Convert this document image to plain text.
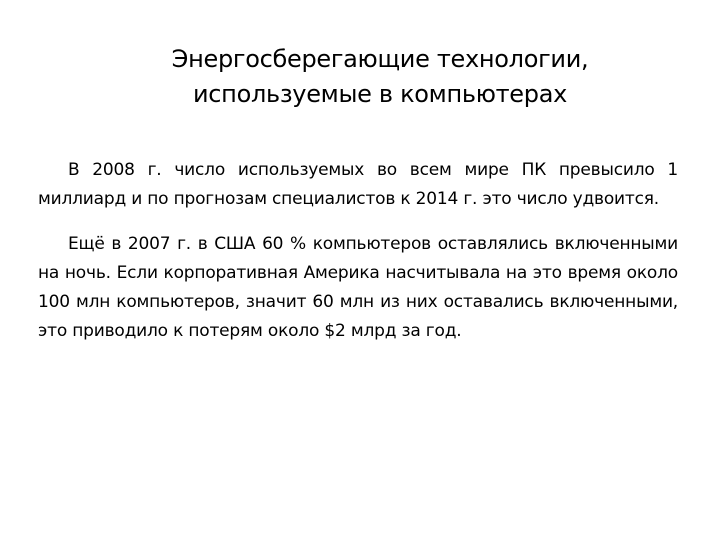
Энергосберегающие технологии,
используемые в компьютерах

В 2008 г. число используемых во всем мире ПК превысило 1 миллиард и по прогнозам специалистов к 2014 г. это число удвоится.

Ещё в 2007 г. в США 60 % компьютеров оставлялись включенными на ночь. Если корпоративная Америка насчитывала на это время около 100 млн компьютеров, значит 60 млн из них оставались включенными, это приводило к потерям около $2 млрд за год.
